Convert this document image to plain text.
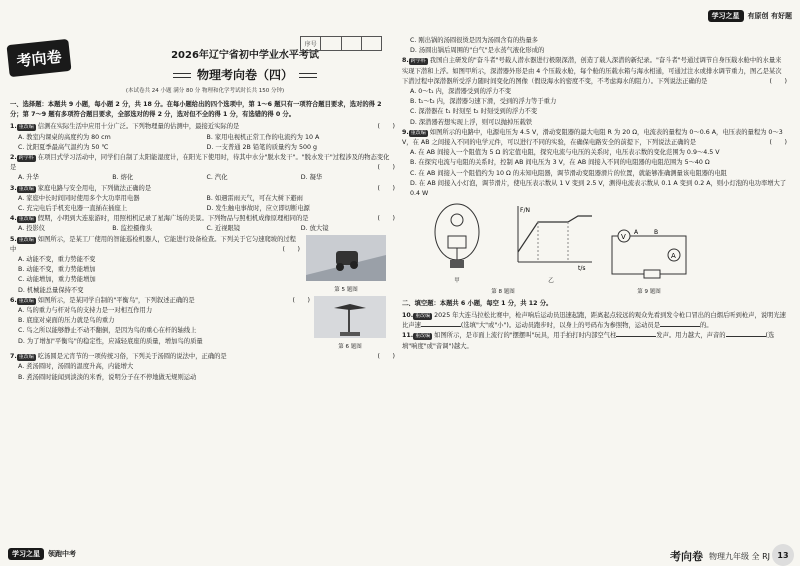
考向卷	2026年辽宁省初中学业水平考试
物理考向卷（四）
(本试卷共 24 小题 满分 80 分 物理和化学考试时长共 150 分钟)
序号
学习之星	有原创 有好题
一、选择题：本题共 9 小题，每小题 2 分，共 18 分。在每小题给出的四个选项中，第 1～6 题只有一项符合题目要求，选对的得 2 分；第 7～9 题有多项符合题目要求，全部选对的得 2 分，选对但不全的得 1 分，有选错的得 0 分。
1. 重改编 信测在实际生活中应用十分广泛。下列物理量的估测中，最接近实际的是	(　　)
A. 教室内课桌的高度约为 80 cm	B. 家用电视机正常工作的电流约为 10 A
C. 沈阳夏季最高气温约为 50 ℃	D. 一支普通 2B 铅笔的质量约为 500 g
2. 跨学科 在项目式学习活动中，同学们自制了太阳能湿度计，在阳光下使用时，待其中水分"脱水发干"。"脱水发干"过程涉及的物态变化是	(　　)
A. 升华	B. 熔化	C. 汽化	D. 凝华
3. 重改编 家庭电路与安全用电，下列做法正确的是	(　　)
A. 家庭中长时间同时使用多个大功率用电器	B. 如遇雷雨天气，可在大树下避雨
C. 充完电后手机充电器一直插在插座上	D. 发生触电事故时，应立即切断电源
4. 重改编 假期，小明到大连旅游时，用照相机记录了星海广场的美景。下列物品与照相机成像原理相同的是	(　　)
A. 投影仪	B. 监控摄像头	C. 近视眼镜	D. 放大镜
5. 重改编 如图所示，是某工厂使用的智能巡检机器人，它能进行设备检查。下列关于它匀速爬坡的过程中	(　　)
A. 动能不变，重力势能不变
B. 动能不变，重力势能增加
C. 动能增加，重力势能增加
D. 机械能总量保持不变	第 5 题图
6. 重改编 如图所示，是某同学自制的"平衡鸟"，下列叙述正确的是	(　　)
A. 鸟的重力与杆对鸟的支持力是一对相互作用力
B. 底座对桌面的压力就是鸟的重力
C. 鸟之所以能够静止不动不翻倒，是因为鸟的重心在杆的轴线上
D. 为了增加"平衡鸟"的稳定性，应减轻底座的质量，增加鸟的质量
第 6 题图
7. 重改编 吃汤圆是元宵节的一项传统习俗，下列关于汤圆的说法中，正确的是	(　　)
A. 煮汤圆时，汤圆的温度升高，内能增大
B. 煮汤圆时能闻到淡淡的米香，说明分子在不停地做无规则运动
C. 刚出锅的汤圆很烫是因为汤圆含有的热量多
D. 汤圆出锅后周围的"白气"是水蒸气液化形成的
8. 跨学科 我国自主研发的"奋斗者"号载人潜水器进行极限深潜，创造了载人深潜的新纪录。"奋斗者"号通过调节自身压载水舱中的水量来实现下潜和上浮。如图甲所示，深潜器外形是由 4 个压载水舱，每个舱的压载水箱与海水相通，可通过注水或排水调节重力，图乙是某次下潜过程中深潜器所受浮力随时间变化的图像（假设海水的密度不变，不考虑海水的阻力）。下列说法正确的是	(　　)
A. 0～t₁ 内，深潜器受到的浮力不变
B. t₁～t₂ 内，深潜器匀速下滑，受到的浮力等于重力
C. 深潜器在 t₁ 时刻至 t₂ 时刻受到的浮力不变
D. 深潜器若想实现上浮，则可以抛掉压载铁
9. 重改编 如图所示的电路中，电源电压为 4.5 V，滑动变阻器的最大电阻 R 为 20 Ω，电流表的量程为 0～0.6 A，电压表的量程为 0～3 V，在 AB 之间接入不同的电学元件，可以进行不同的实验，在确保电路安全的前提下，下列说法正确的是	(　　)
A. 在 AB 间接入一个阻值为 5 Ω 的定值电阻，探究电流与电压的关系时，电压表示数的变化范围为 0.9～4.5 V
B. 在探究电流与电阻的关系时，控制 AB 间电压为 3 V，在 AB 间接入不同的电阻器的电阻范围为 5～40 Ω
C. 在 AB 间接入一个阻值约为 10 Ω 的未知电阻器，调节滑动变阻器滑片的位置，就能够准确测量该电阻器的电阻
D. 在 AB 间接入小灯泡，调节滑片，使电压表示数从 1 V 变到 2.5 V，测得电流表示数从 0.1 A 变到 0.2 A，则小灯泡的电功率增大了 0.4 W
甲
F/N
t/s
乙
第 8 题图
V
A
A	B
第 9 题图
二、填空题：本题共 6 小题，每空 1 分，共 12 分。
10. 重改编 2025 年大连马拉松比赛中，枪声响后运动员迅速起跑，距离起点较远的观众先看到发令枪口冒出的白烟后听到枪声，说明光速比声速	(选填"大"或"小")。运动员跑步时，以身上的号码布为参照物，运动员是	的。
11. 重改编 如图所示，是市面上流行的"摆摆叫"玩具，用手拍打时内部空气柱	发声。用力越大，声音的	(选填"响度"或"音调")越大。
学习之星	领跑中考	考向卷 物理九年级 全 RJ 13
